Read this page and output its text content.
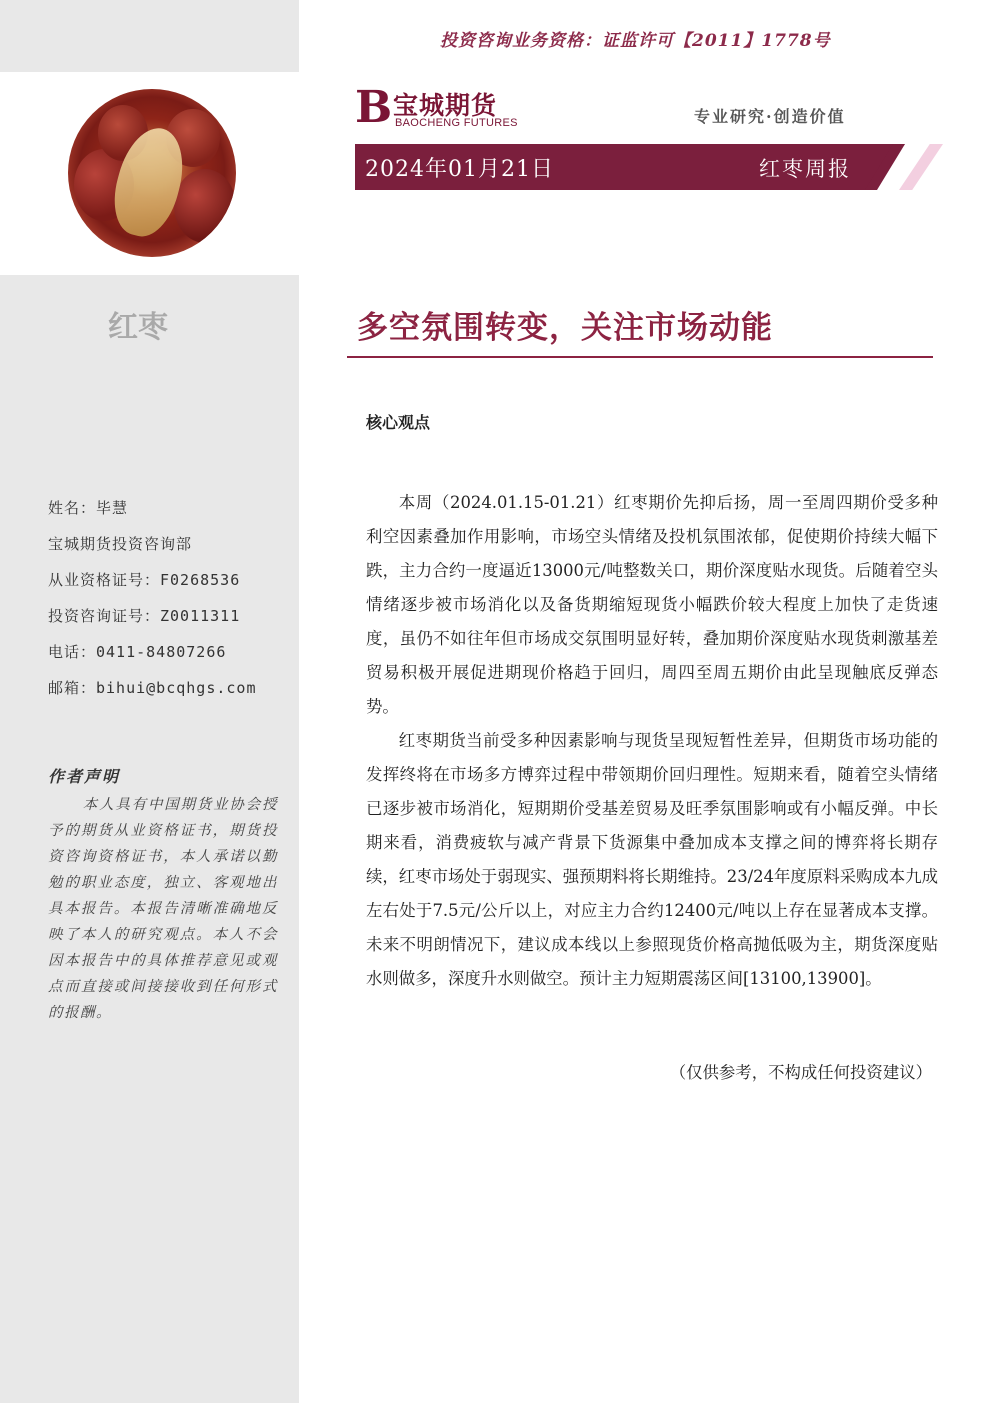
投资咨询业务资格：证监许可【2011】1778号
B 宝城期货
BAOCHENG FUTURES	专业研究·创造价值
2024年01月21日	红枣周报
红枣	多空氛围转变，关注市场动能
核心观点

本周（2024.01.15-01.21）红枣期价先抑后扬，周一至周四期价受多种利空因素叠加作用影响，市场空头情绪及投机氛围浓郁，促使期价持续大幅下跌，主力合约一度逼近13000元/吨整数关口，期价深度贴水现货。后随着空头情绪逐步被市场消化以及备货期缩短现货小幅跌价较大程度上加快了走货速度，虽仍不如往年但市场成交氛围明显好转，叠加期价深度贴水现货刺激基差贸易积极开展促进期现价格趋于回归，周四至周五期价由此呈现触底反弹态势。

红枣期货当前受多种因素影响与现货呈现短暂性差异，但期货市场功能的发挥终将在市场多方博弈过程中带领期价回归理性。短期来看，随着空头情绪已逐步被市场消化，短期期价受基差贸易及旺季氛围影响或有小幅反弹。中长期来看，消费疲软与减产背景下货源集中叠加成本支撑之间的博弈将长期存续，红枣市场处于弱现实、强预期料将长期维持。23/24年度原料采购成本九成左右处于7.5元/公斤以上，对应主力合约12400元/吨以上存在显著成本支撑。未来不明朗情况下，建议成本线以上参照现货价格高抛低吸为主，期货深度贴水则做多，深度升水则做空。预计主力短期震荡区间[13100,13900]。

（仅供参考，不构成任何投资建议）
姓名：毕慧
宝城期货投资咨询部
从业资格证号：F0268536
投资咨询证号：Z0011311
电话：0411-84807266
邮箱：bihui@bcqhgs.com
作者声明
本人具有中国期货业协会授予的期货从业资格证书，期货投资咨询资格证书，本人承诺以勤勉的职业态度，独立、客观地出具本报告。本报告清晰准确地反映了本人的研究观点。本人不会因本报告中的具体推荐意见或观点而直接或间接接收到任何形式的报酬。
